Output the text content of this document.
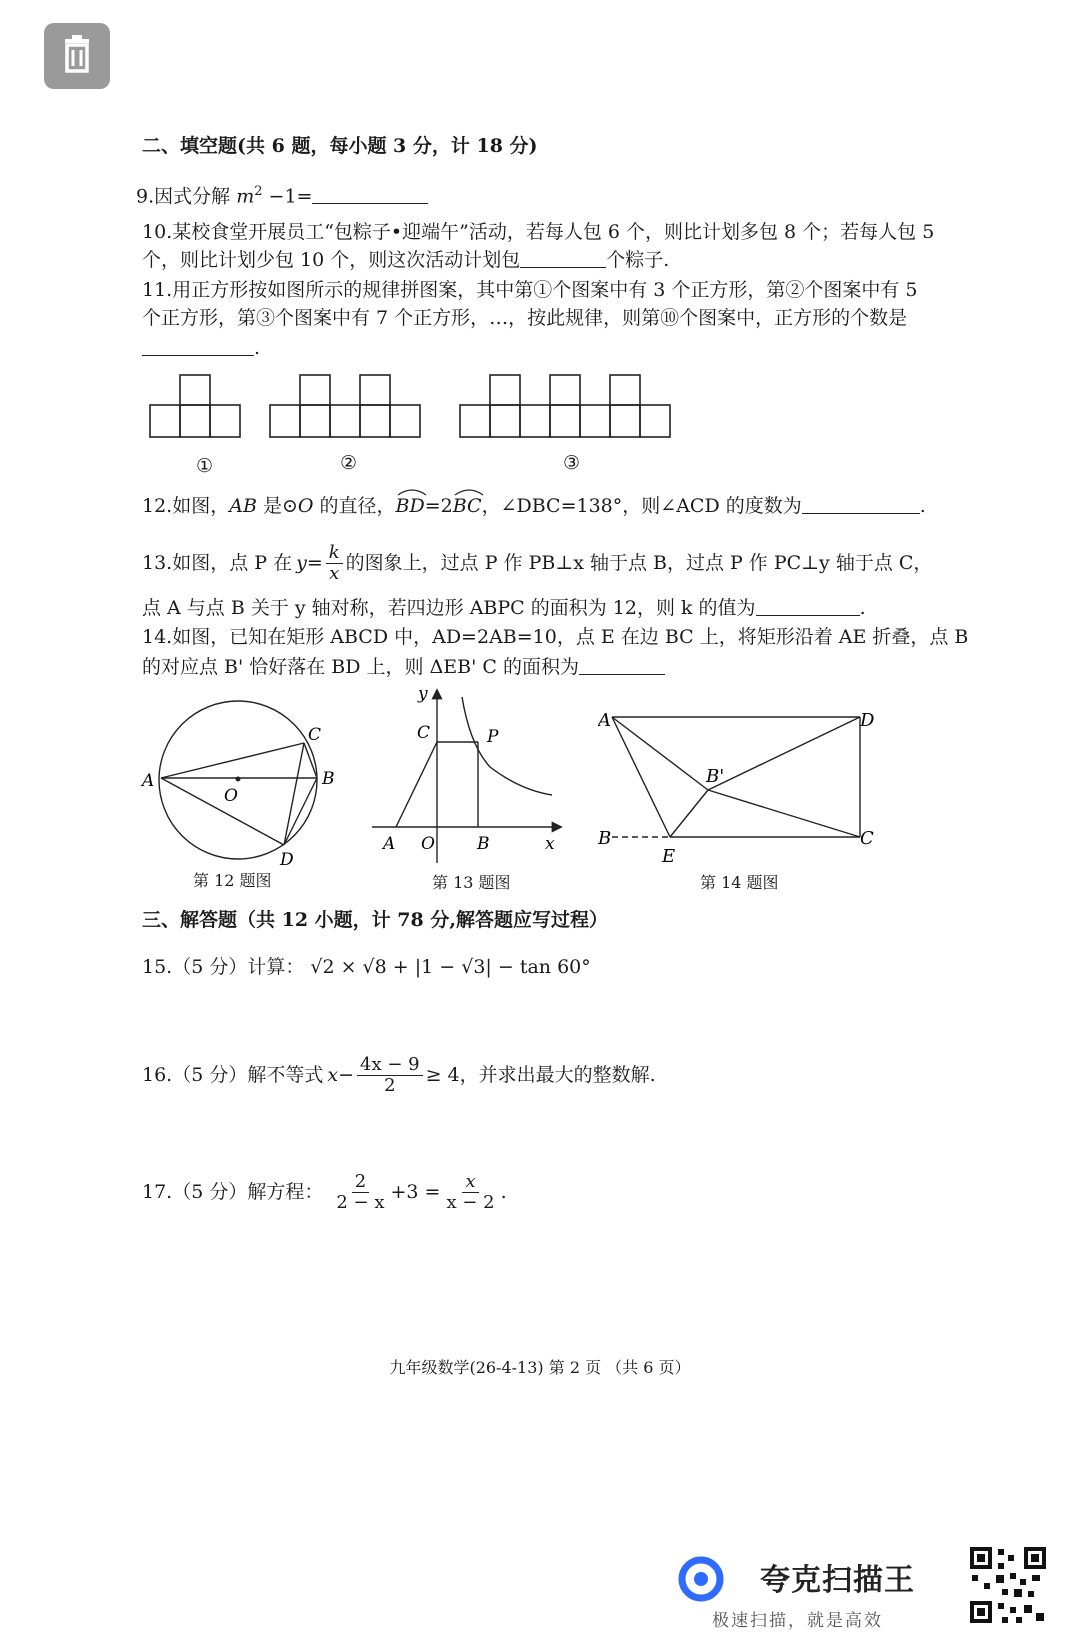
二、填空题(共 6 题，每小题 3 分，计 18 分)
9.因式分解 $m^2 -1=$
10.某校食堂开展员工“包粽子•迎端午”活动，若每人包 6 个，则比计划多包 8 个；若每人包 5
个，则比计划少包 10 个，则这次活动计划包	个粽子.
11.用正方形按如图所示的规律拼图案，其中第①个图案中有 3 个正方形，第②个图案中有 5
个正方形，第③个图案中有 7 个正方形，…，按此规律，则第⑩个图案中，正方形的个数是
.
①	②	③
12.如图，AB 是⊙O 的直径，
BD=2
BC，∠DBC=138°，则∠ACD 的度数为	.
13.如图，点 P 在 $y = \frac{k}{x}$ 的图象上，过点 P 作 PB⊥x 轴于点 B，过点 P 作 PC⊥y 轴于点 C，
点 A 与点 B 关于 y 轴对称，若四边形 ABPC 的面积为 12，则 k 的值为	.
14.如图，已知在矩形 ABCD 中，AD=2AB=10，点 E 在边 BC 上，将矩形沿着 AE 折叠，点 B
的对应点 B' 恰好落在 BD 上，则 ΔEB' C 的面积为
A	B
C
D
O
第 12 题图
y
C	P
A O B	x
第 13 题图
A	D
B'
B
E
C
第 14 题图
三、解答题（共 12 小题，计 78 分,解答题应写过程）
15.（5 分）计算： √2 × √8 + |1 − √3| − tan 60°
16.（5 分）解不等式 $x - \frac{4x - 9}{2} \ge 4$，并求出最大的整数解.
17.（5 分）解方程： $\frac{2}{2 - x} +3 = \frac{x}{x - 2}$ .
九年级数学(26-4-13) 第 2 页 （共 6 页）
夸克扫描王
极速扫描，就是高效
